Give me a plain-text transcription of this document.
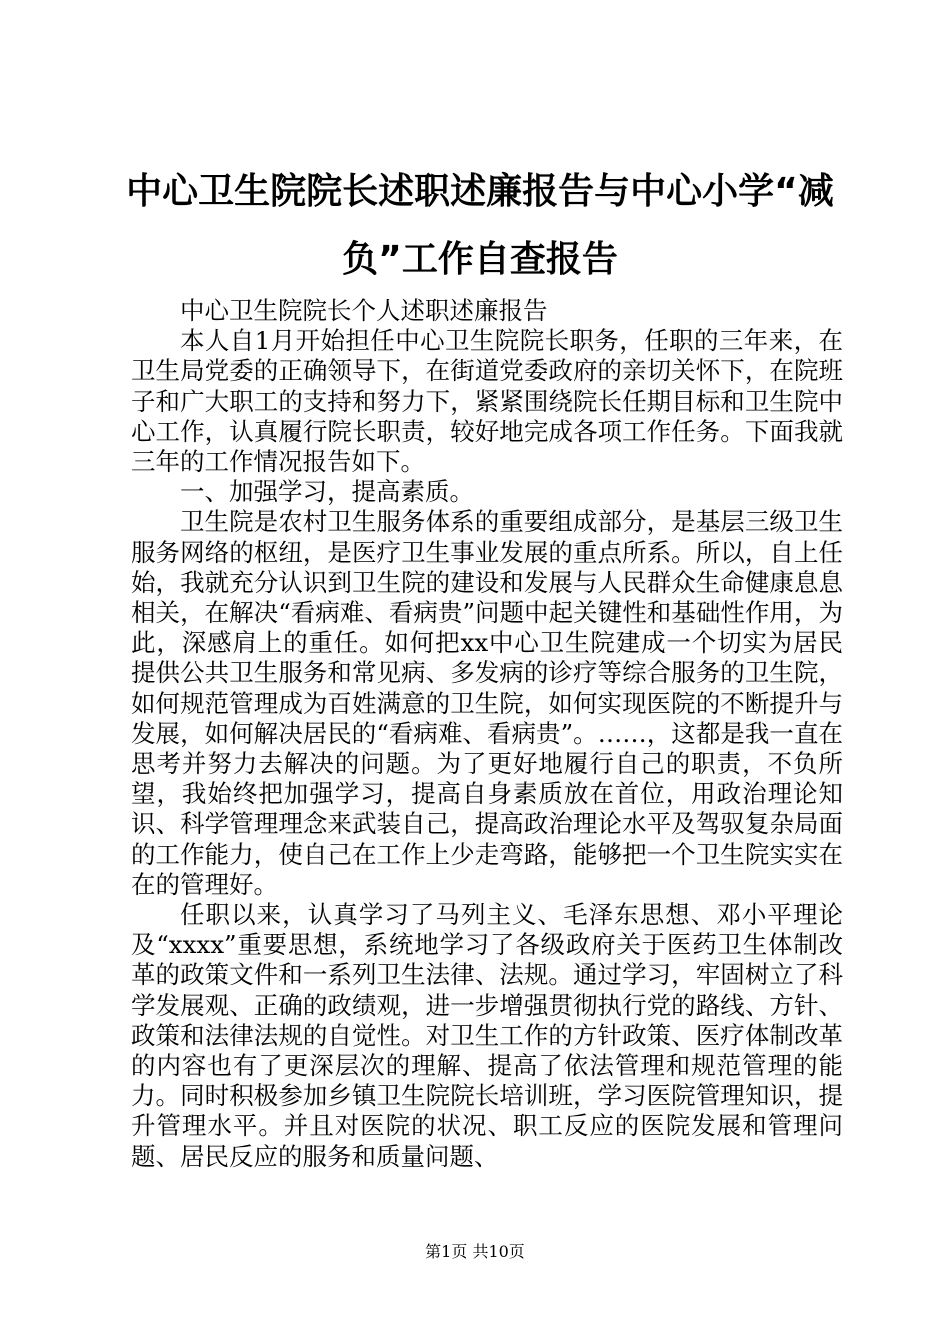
中心卫生院院长述职述廉报告与中心小学“减负”工作自查报告

中心卫生院院长个人述职述廉报告

本人自1月开始担任中心卫生院院长职务，任职的三年来，在卫生局党委的正确领导下，在街道党委政府的亲切关怀下，在院班子和广大职工的支持和努力下，紧紧围绕院长任期目标和卫生院中心工作，认真履行院长职责，较好地完成各项工作任务。下面我就三年的工作情况报告如下。

一、加强学习，提高素质。

卫生院是农村卫生服务体系的重要组成部分，是基层三级卫生服务网络的枢纽，是医疗卫生事业发展的重点所系。所以，自上任始，我就充分认识到卫生院的建设和发展与人民群众生命健康息息相关，在解决“看病难、看病贵”问题中起关键性和基础性作用，为此，深感肩上的重任。如何把xx中心卫生院建成一个切实为居民提供公共卫生服务和常见病、多发病的诊疗等综合服务的卫生院，如何规范管理成为百姓满意的卫生院，如何实现医院的不断提升与发展，如何解决居民的“看病难、看病贵”。……，这都是我一直在思考并努力去解决的问题。为了更好地履行自己的职责，不负所望，我始终把加强学习，提高自身素质放在首位，用政治理论知识、科学管理理念来武装自己，提高政治理论水平及驾驭复杂局面的工作能力，使自己在工作上少走弯路，能够把一个卫生院实实在在的管理好。

任职以来，认真学习了马列主义、毛泽东思想、邓小平理论及“xxxx”重要思想，系统地学习了各级政府关于医药卫生体制改革的政策文件和一系列卫生法律、法规。通过学习，牢固树立了科学发展观、正确的政绩观，进一步增强贯彻执行党的路线、方针、政策和法律法规的自觉性。对卫生工作的方针政策、医疗体制改革的内容也有了更深层次的理解、提高了依法管理和规范管理的能力。同时积极参加乡镇卫生院院长培训班，学习医院管理知识，提升管理水平。并且对医院的状况、职工反应的医院发展和管理问题、居民反应的服务和质量问题、

第1页 共10页
